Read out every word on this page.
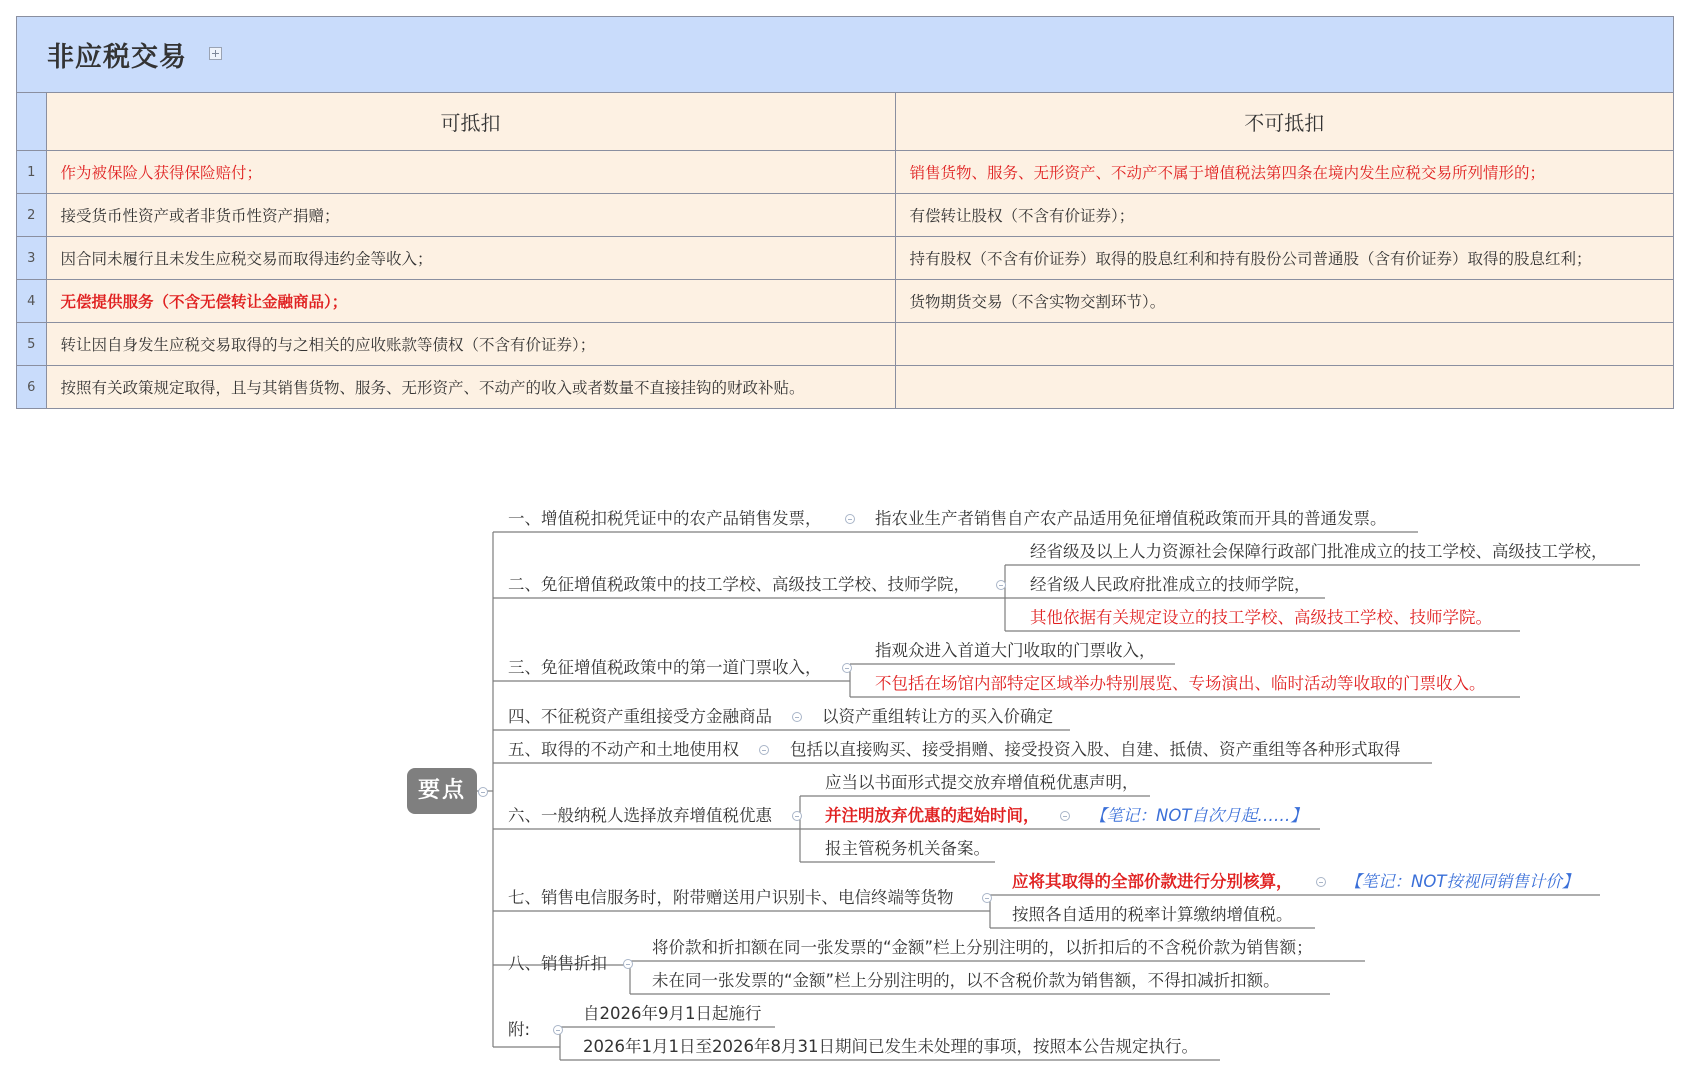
非应税交易
	可抵扣	不可抵扣
1	作为被保险人获得保险赔付；	销售货物、服务、无形资产、不动产不属于增值税法第四条在境内发生应税交易所列情形的；
2	接受货币性资产或者非货币性资产捐赠；	有偿转让股权（不含有价证券）；
3	因合同未履行且未发生应税交易而取得违约金等收入；	持有股权（不含有价证券）取得的股息红利和持有股份公司普通股（含有价证券）取得的股息红利；
4	无偿提供服务（不含无偿转让金融商品）；	货物期货交易（不含实物交割环节）。
5	转让因自身发生应税交易取得的与之相关的应收账款等债权（不含有价证券）；	
6	按照有关政策规定取得，且与其销售货物、服务、无形资产、不动产的收入或者数量不直接挂钩的财政补贴。	
要点
一、增值税扣税凭证中的农产品销售发票，	指农业生产者销售自产农产品适用免征增值税政策而开具的普通发票。
二、免征增值税政策中的技工学校、高级技工学校、技师学院，
经省级及以上人力资源社会保障行政部门批准成立的技工学校、高级技工学校，
经省级人民政府批准成立的技师学院，
其他依据有关规定设立的技工学校、高级技工学校、技师学院。
三、免征增值税政策中的第一道门票收入，
指观众进入首道大门收取的门票收入，
不包括在场馆内部特定区域举办特别展览、专场演出、临时活动等收取的门票收入。
四、不征税资产重组接受方金融商品	以资产重组转让方的买入价确定
五、取得的不动产和土地使用权	包括以直接购买、接受捐赠、接受投资入股、自建、抵债、资产重组等各种形式取得
六、一般纳税人选择放弃增值税优惠
应当以书面形式提交放弃增值税优惠声明，
并注明放弃优惠的起始时间，	【笔记：NOT自次月起……】
报主管税务机关备案。
七、销售电信服务时，附带赠送用户识别卡、电信终端等货物
应将其取得的全部价款进行分别核算，	【笔记：NOT按视同销售计价】
按照各自适用的税率计算缴纳增值税。
八、销售折扣
将价款和折扣额在同一张发票的“金额”栏上分别注明的，以折扣后的不含税价款为销售额；
未在同一张发票的“金额”栏上分别注明的，以不含税价款为销售额，不得扣减折扣额。
附:
自2026年9月1日起施行
2026年1月1日至2026年8月31日期间已发生未处理的事项，按照本公告规定执行。
